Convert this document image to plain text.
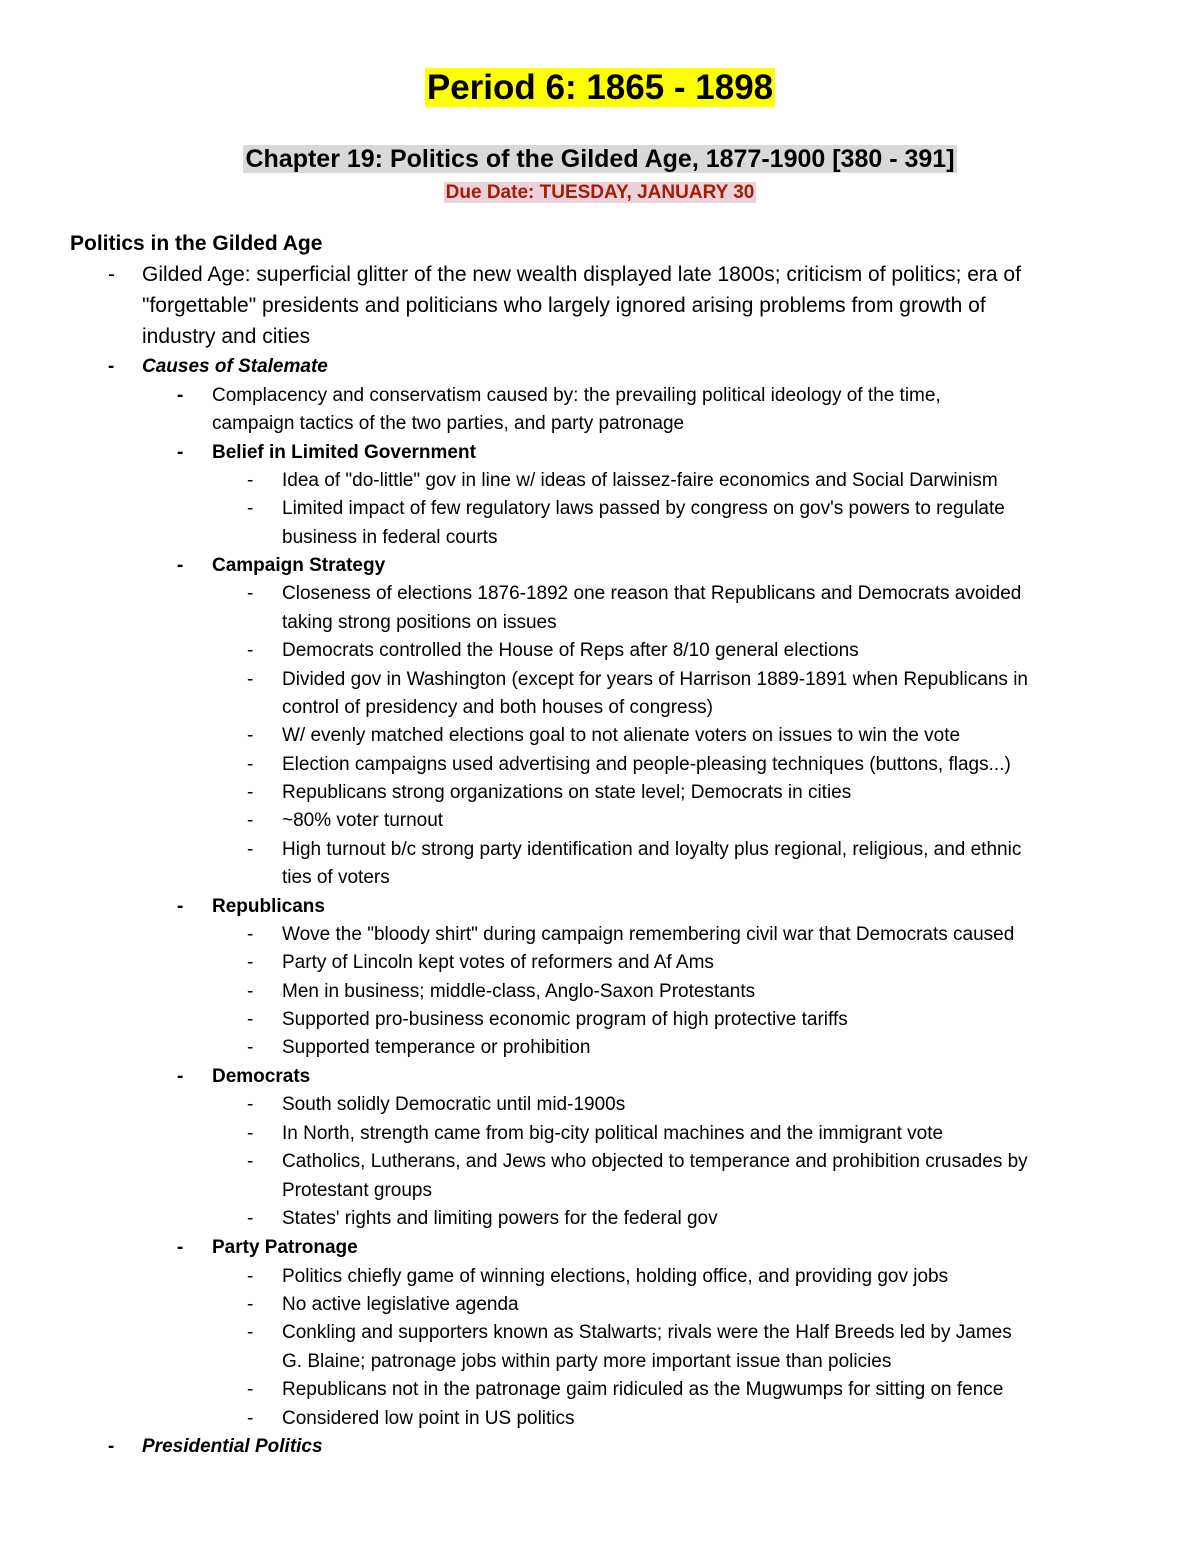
Period 6: 1865 - 1898
Chapter 19: Politics of the Gilded Age, 1877-1900 [380 - 391]
Due Date: TUESDAY, JANUARY 30
Politics in the Gilded Age
- Gilded Age: superficial glitter of the new wealth displayed late 1800s; criticism of politics; era of
"forgettable" presidents and politicians who largely ignored arising problems from growth of
industry and cities
- Causes of Stalemate
- Complacency and conservatism caused by: the prevailing political ideology of the time,
campaign tactics of the two parties, and party patronage
- Belief in Limited Government
- Idea of "do-little" gov in line w/ ideas of laissez-faire economics and Social Darwinism
- Limited impact of few regulatory laws passed by congress on gov's powers to regulate
business in federal courts
- Campaign Strategy
- Closeness of elections 1876-1892 one reason that Republicans and Democrats avoided
taking strong positions on issues
- Democrats controlled the House of Reps after 8/10 general elections
- Divided gov in Washington (except for years of Harrison 1889-1891 when Republicans in
control of presidency and both houses of congress)
- W/ evenly matched elections goal to not alienate voters on issues to win the vote
- Election campaigns used advertising and people-pleasing techniques (buttons, flags...)
- Republicans strong organizations on state level; Democrats in cities
- ~80% voter turnout
- High turnout b/c strong party identification and loyalty plus regional, religious, and ethnic
ties of voters
- Republicans
- Wove the "bloody shirt" during campaign remembering civil war that Democrats caused
- Party of Lincoln kept votes of reformers and Af Ams
- Men in business; middle-class, Anglo-Saxon Protestants
- Supported pro-business economic program of high protective tariffs
- Supported temperance or prohibition
- Democrats
- South solidly Democratic until mid-1900s
- In North, strength came from big-city political machines and the immigrant vote
- Catholics, Lutherans, and Jews who objected to temperance and prohibition crusades by
Protestant groups
- States' rights and limiting powers for the federal gov
- Party Patronage
- Politics chiefly game of winning elections, holding office, and providing gov jobs
- No active legislative agenda
- Conkling and supporters known as Stalwarts; rivals were the Half Breeds led by James
G. Blaine; patronage jobs within party more important issue than policies
- Republicans not in the patronage gaim ridiculed as the Mugwumps for sitting on fence
- Considered low point in US politics
- Presidential Politics
